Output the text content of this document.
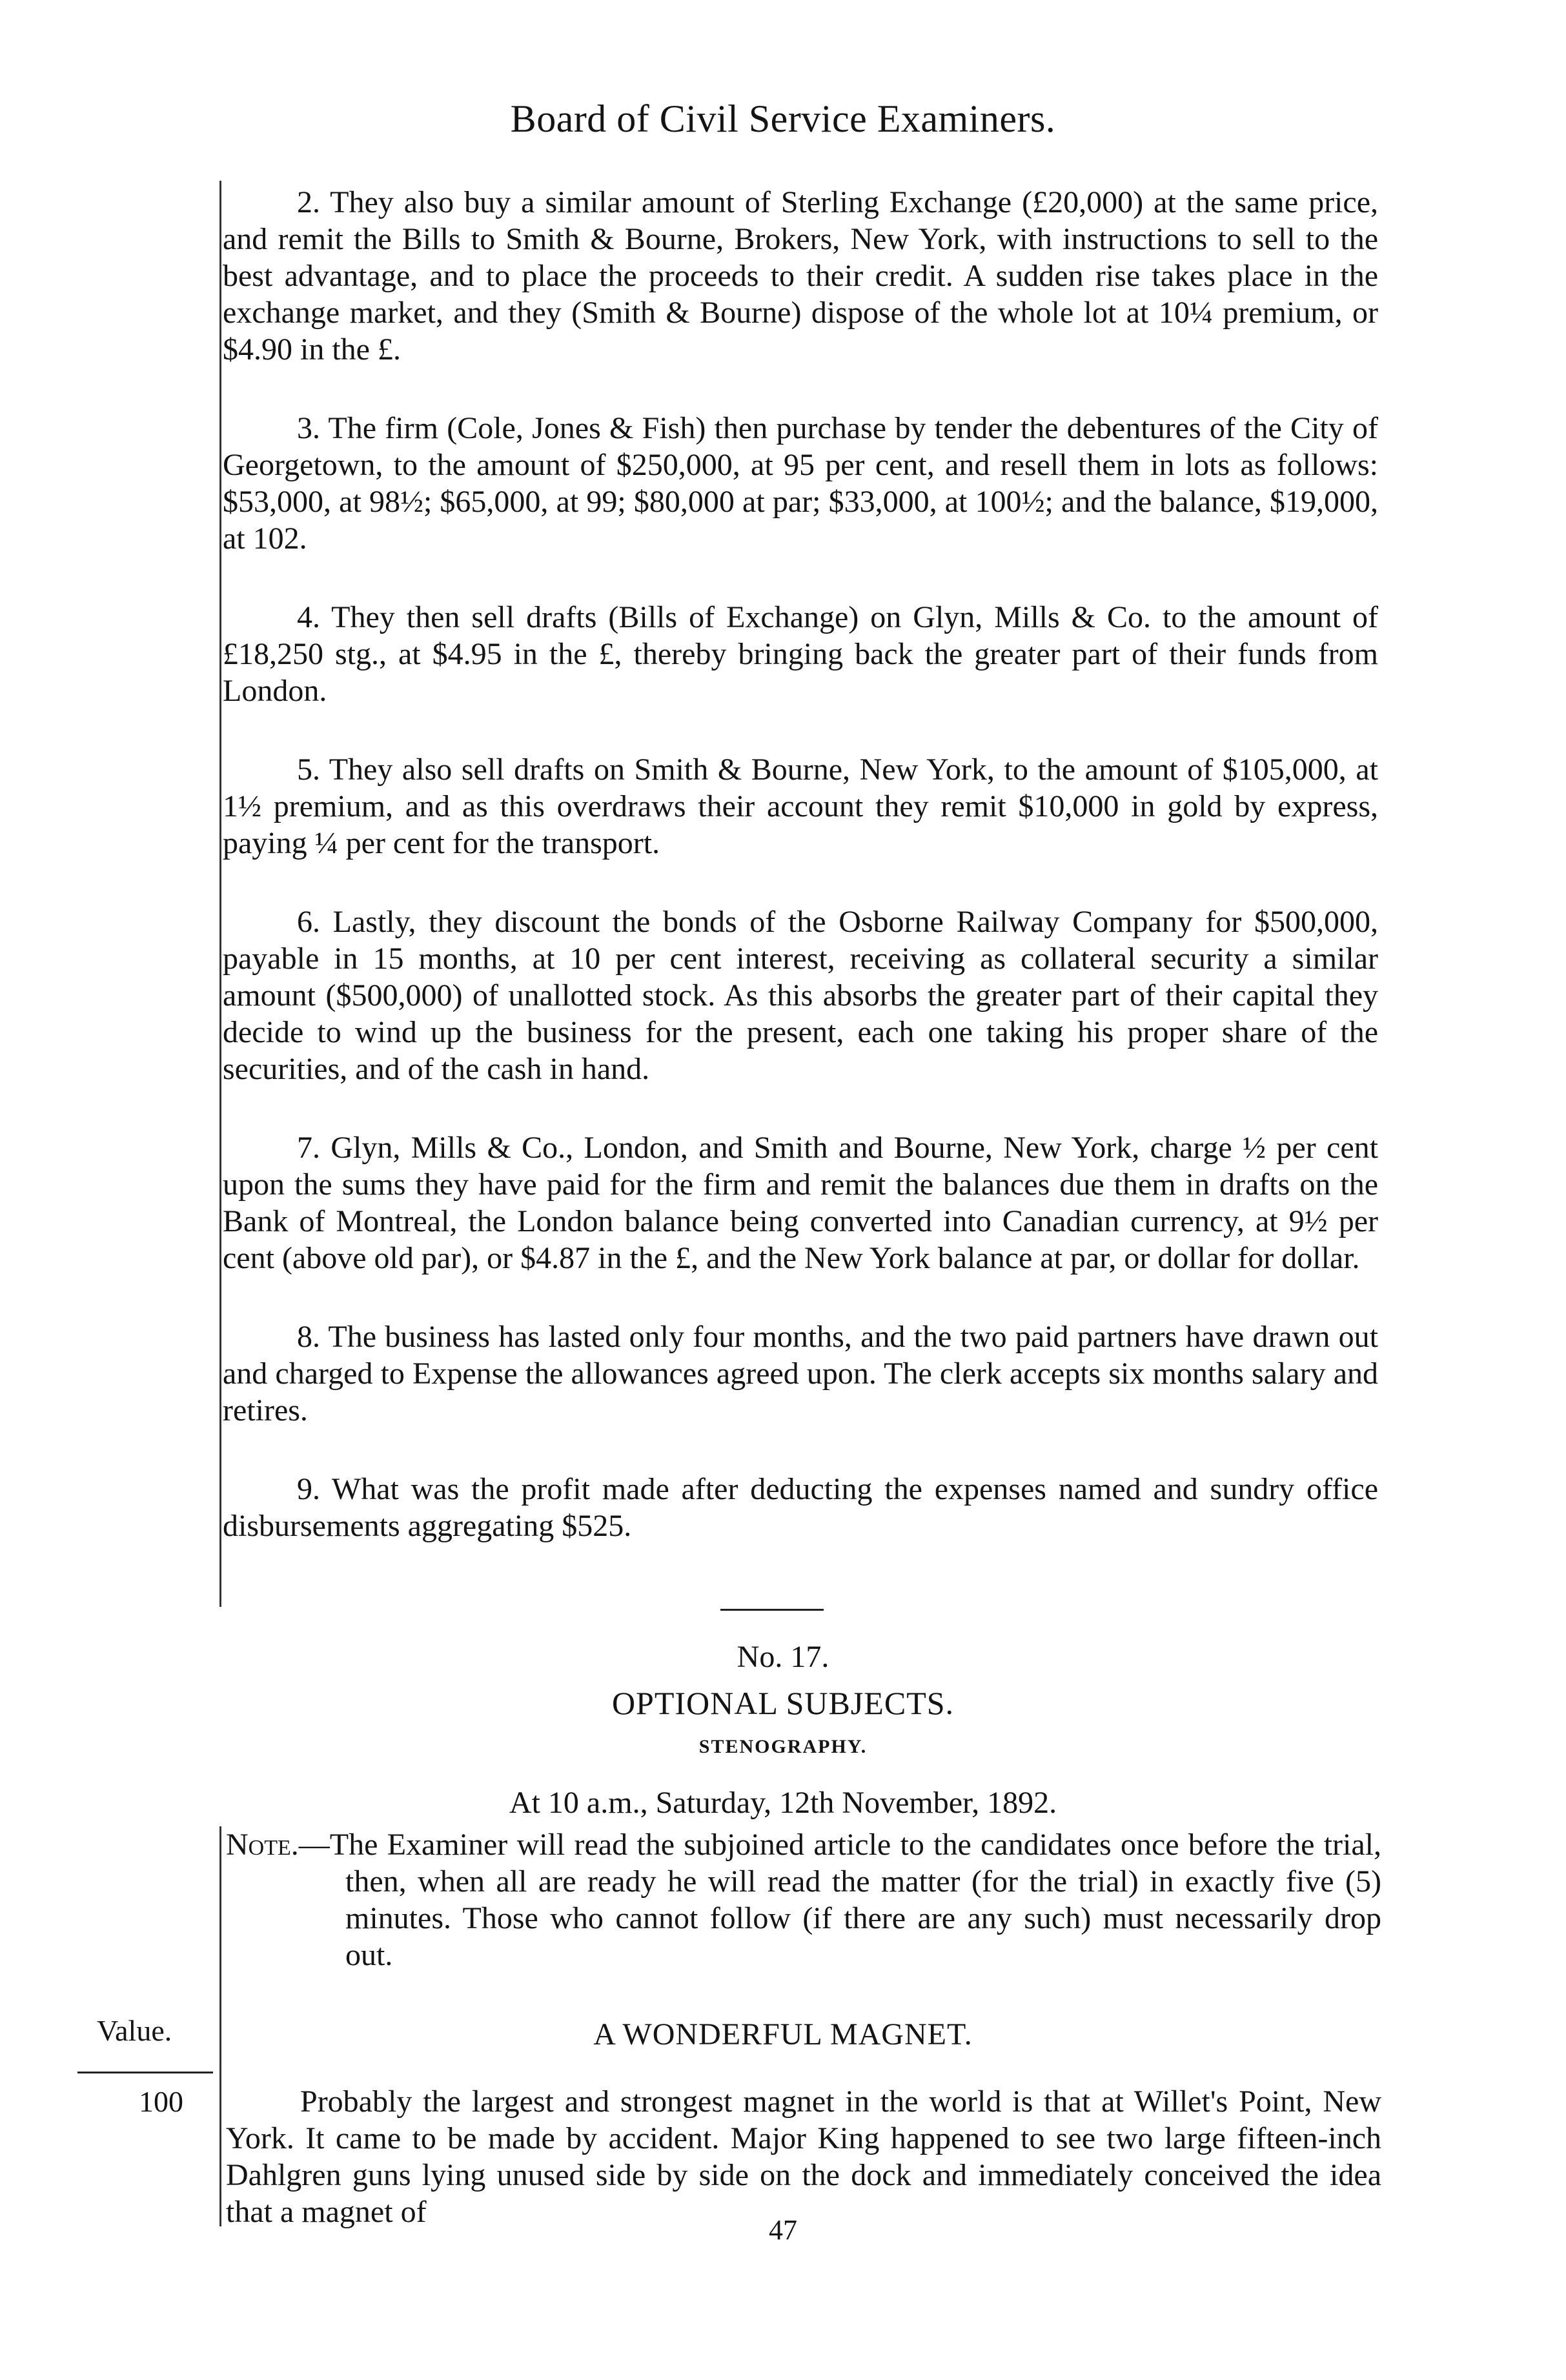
Board of Civil Service Examiners.

2. They also buy a similar amount of Sterling Exchange (£20,000) at the same price, and remit the Bills to Smith & Bourne, Brokers, New York, with instructions to sell to the best advantage, and to place the proceeds to their credit. A sudden rise takes place in the exchange market, and they (Smith & Bourne) dispose of the whole lot at 10¼ premium, or $4.90 in the £.

3. The firm (Cole, Jones & Fish) then purchase by tender the debentures of the City of Georgetown, to the amount of $250,000, at 95 per cent, and resell them in lots as follows: $53,000, at 98½; $65,000, at 99; $80,000 at par; $33,000, at 100½; and the balance, $19,000, at 102.

4. They then sell drafts (Bills of Exchange) on Glyn, Mills & Co. to the amount of £18,250 stg., at $4.95 in the £, thereby bringing back the greater part of their funds from London.

5. They also sell drafts on Smith & Bourne, New York, to the amount of $105,000, at 1½ premium, and as this overdraws their account they remit $10,000 in gold by express, paying ¼ per cent for the transport.

6. Lastly, they discount the bonds of the Osborne Railway Company for $500,000, payable in 15 months, at 10 per cent interest, receiving as collateral security a similar amount ($500,000) of unallotted stock. As this absorbs the greater part of their capital they decide to wind up the business for the present, each one taking his proper share of the securities, and of the cash in hand.

7. Glyn, Mills & Co., London, and Smith and Bourne, New York, charge ½ per cent upon the sums they have paid for the firm and remit the balances due them in drafts on the Bank of Montreal, the London balance being converted into Canadian currency, at 9½ per cent (above old par), or $4.87 in the £, and the New York balance at par, or dollar for dollar.

8. The business has lasted only four months, and the two paid partners have drawn out and charged to Expense the allowances agreed upon. The clerk accepts six months salary and retires.

9. What was the profit made after deducting the expenses named and sundry office disbursements aggregating $525.

No. 17.
OPTIONAL SUBJECTS.
STENOGRAPHY.
At 10 a.m., Saturday, 12th November, 1892.

Note.—The Examiner will read the subjoined article to the candidates once before the trial, then, when all are ready he will read the matter (for the trial) in exactly five (5) minutes. Those who cannot follow (if there are any such) must necessarily drop out.

Value.
100
A WONDERFUL MAGNET.

Probably the largest and strongest magnet in the world is that at Willet's Point, New York. It came to be made by accident. Major King happened to see two large fifteen-inch Dahlgren guns lying unused side by side on the dock and immediately conceived the idea that a magnet of

47
